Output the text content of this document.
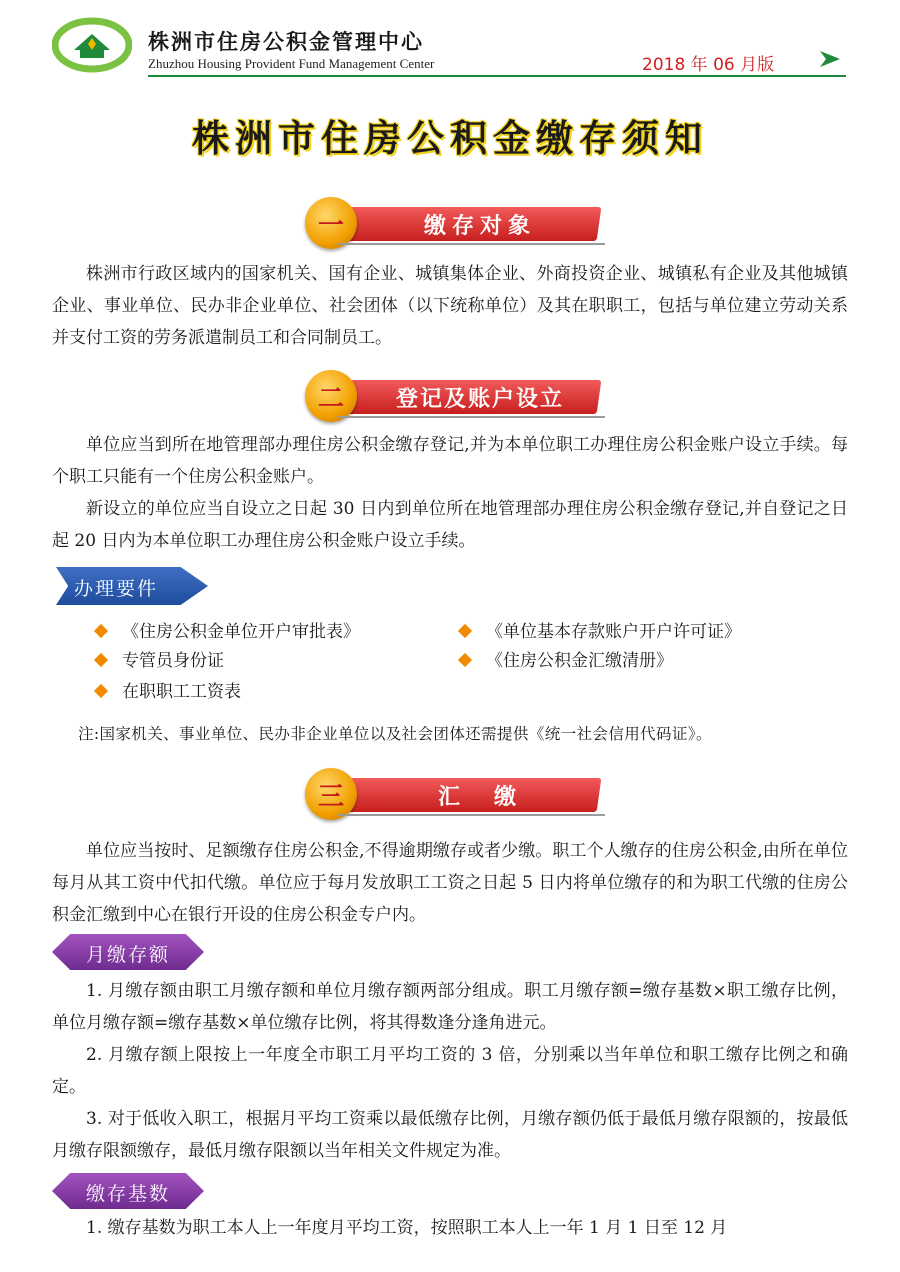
株洲市住房公积金管理中心
Zhuzhou Housing Provident Fund Management Center	2018 年 06 月版
株洲市住房公积金缴存须知
一	缴存对象

株洲市行政区域内的国家机关、国有企业、城镇集体企业、外商投资企业、城镇私有企业及其他城镇企业、事业单位、民办非企业单位、社会团体（以下统称单位）及其在职职工，包括与单位建立劳动关系并支付工资的劳务派遣制员工和合同制员工。

二	登记及账户设立

单位应当到所在地管理部办理住房公积金缴存登记,并为本单位职工办理住房公积金账户设立手续。每个职工只能有一个住房公积金账户。

新设立的单位应当自设立之日起 30 日内到单位所在地管理部办理住房公积金缴存登记,并自登记之日起 20 日内为本单位职工办理住房公积金账户设立手续。

办理要件
《住房公积金单位开户审批表》	《单位基本存款账户开户许可证》
专管员身份证	《住房公积金汇缴清册》
在职职工工资表
注:国家机关、事业单位、民办非企业单位以及社会团体还需提供《统一社会信用代码证》。
三	汇　缴

单位应当按时、足额缴存住房公积金,不得逾期缴存或者少缴。职工个人缴存的住房公积金,由所在单位每月从其工资中代扣代缴。单位应于每月发放职工工资之日起 5 日内将单位缴存的和为职工代缴的住房公积金汇缴到中心在银行开设的住房公积金专户内。

月缴存额

1. 月缴存额由职工月缴存额和单位月缴存额两部分组成。职工月缴存额=缴存基数×职工缴存比例，单位月缴存额=缴存基数×单位缴存比例，将其得数逢分逢角进元。

2. 月缴存额上限按上一年度全市职工月平均工资的 3 倍，分别乘以当年单位和职工缴存比例之和确定。

3. 对于低收入职工，根据月平均工资乘以最低缴存比例，月缴存额仍低于最低月缴存限额的，按最低月缴存限额缴存，最低月缴存限额以当年相关文件规定为准。

缴存基数

1. 缴存基数为职工本人上一年度月平均工资，按照职工本人上一年 1 月 1 日至 12 月
